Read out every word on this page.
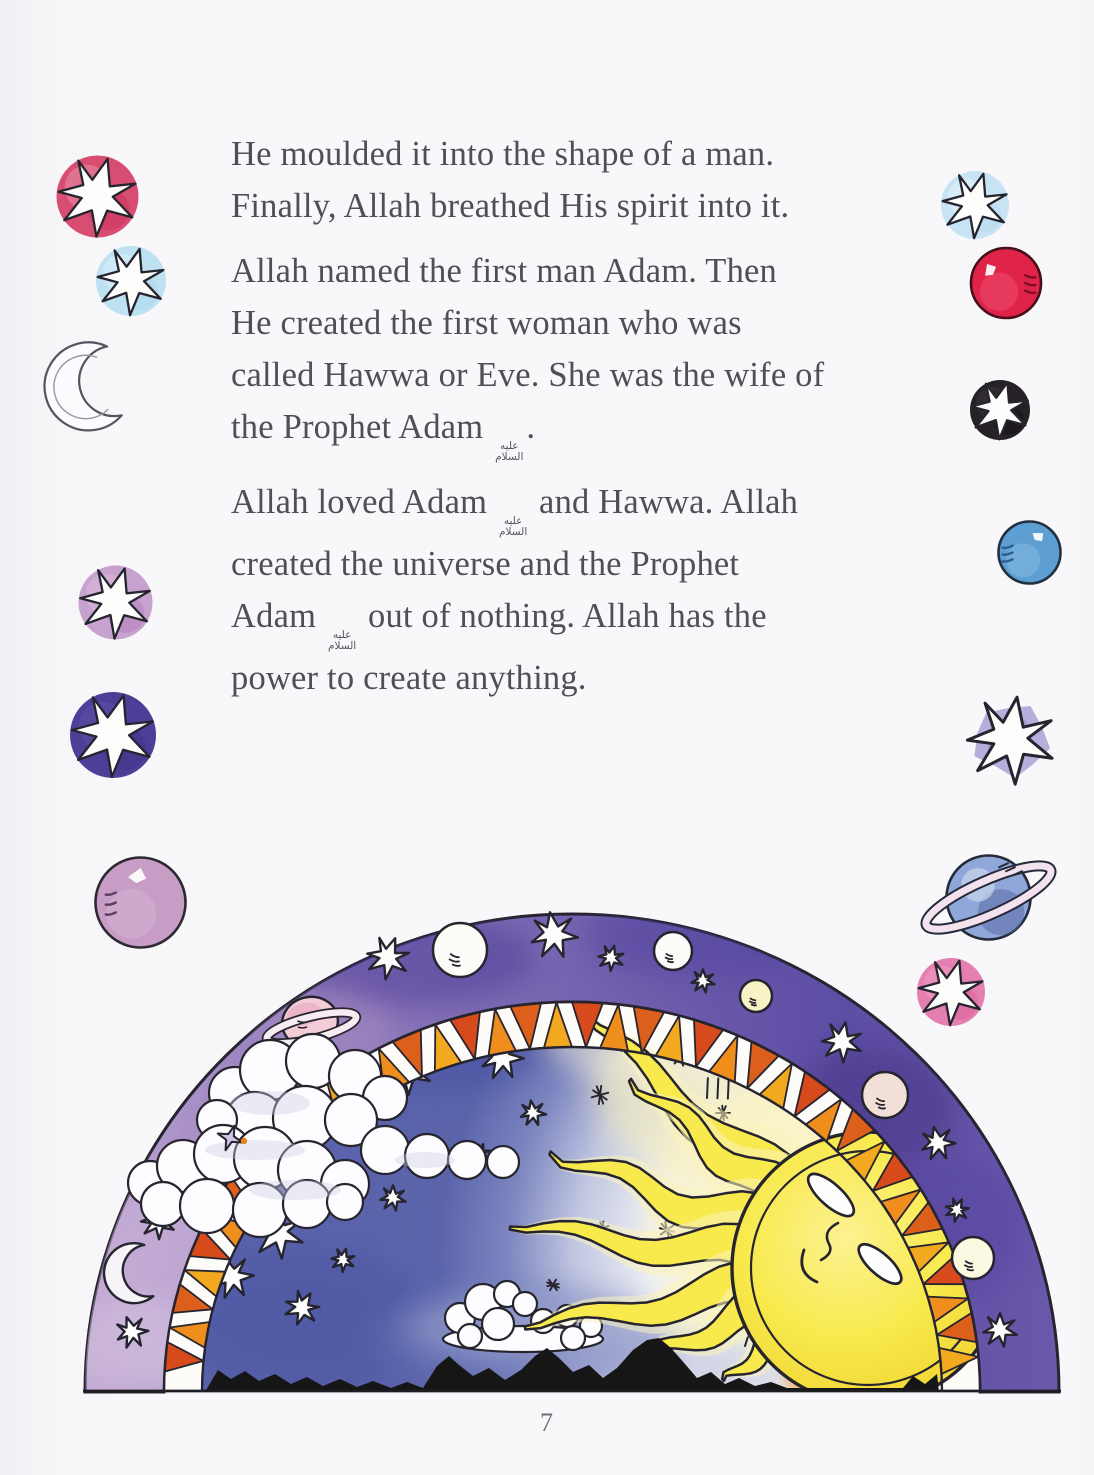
He moulded it into the shape of a man.
Finally, Allah breathed His spirit into it.
Allah named the first man Adam. Then
He created the first woman who was
called Hawwa or Eve. She was the wife of
the Prophet Adam عليه
السلام
.
Allah loved Adam عليه
السلام
and Hawwa. Allah
created the universe and the Prophet
Adam عليه
السلام
out of nothing. Allah has the
power to create anything.
7
